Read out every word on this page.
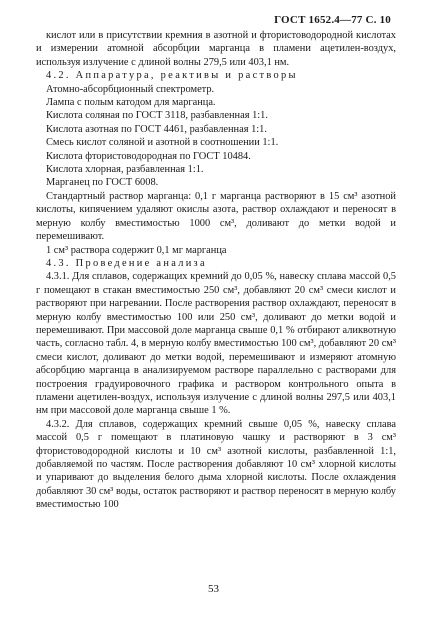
ГОСТ 1652.4—77 С. 10

кислот или в присутствии кремния в азотной и фтористоводородной кислотах и измерении атомной абсорбции марганца в пламени ацетилен-воздух, используя излучение с длиной волны 279,5 или 403,1 нм.

4.2. Аппаратура, реактивы и растворы

Атомно-абсорбционный спектрометр.

Лампа с полым катодом для марганца.

Кислота соляная по ГОСТ 3118, разбавленная 1:1.

Кислота азотная по ГОСТ 4461, разбавленная 1:1.

Смесь кислот соляной и азотной в соотношении 1:1.

Кислота фтористоводородная по ГОСТ 10484.

Кислота хлорная, разбавленная 1:1.

Марганец по ГОСТ 6008.

Стандартный раствор марганца: 0,1 г марганца растворяют в 15 см³ азотной кислоты, кипячением удаляют окислы азота, раствор охлаждают и переносят в мерную колбу вместимостью 1000 см³, доливают до метки водой и перемешивают.

1 см³ раствора содержит 0,1 мг марганца

4.3. Проведение анализа

4.3.1. Для сплавов, содержащих кремний до 0,05 %, навеску сплава массой 0,5 г помещают в стакан вместимостью 250 см³, добавляют 20 см³ смеси кислот и растворяют при нагревании. После растворения раствор охлаждают, переносят в мерную колбу вместимостью 100 или 250 см³, доливают до метки водой и перемешивают. При массовой доле марганца свыше 0,1 % отбирают аликвотную часть, согласно табл. 4, в мерную колбу вместимостью 100 см³, добавляют 20 см³ смеси кислот, доливают до метки водой, перемешивают и измеряют атомную абсорбцию марганца в анализируемом растворе параллельно с растворами для построения градуировочного графика и раствором контрольного опыта в пламени ацетилен-воздух, используя излучение с длиной волны 297,5 или 403,1 нм при массовой доле марганца свыше 1 %.

4.3.2. Для сплавов, содержащих кремний свыше 0,05 %, навеску сплава массой 0,5 г помещают в платиновую чашку и растворяют в 3 см³ фтористоводородной кислоты и 10 см³ азотной кислоты, разбавленной 1:1, добавляемой по частям. После растворения добавляют 10 см³ хлорной кислоты и упаривают до выделения белого дыма хлорной кислоты. После охлаждения добавляют 30 см³ воды, остаток растворяют и раствор переносят в мерную колбу вместимостью 100

53
